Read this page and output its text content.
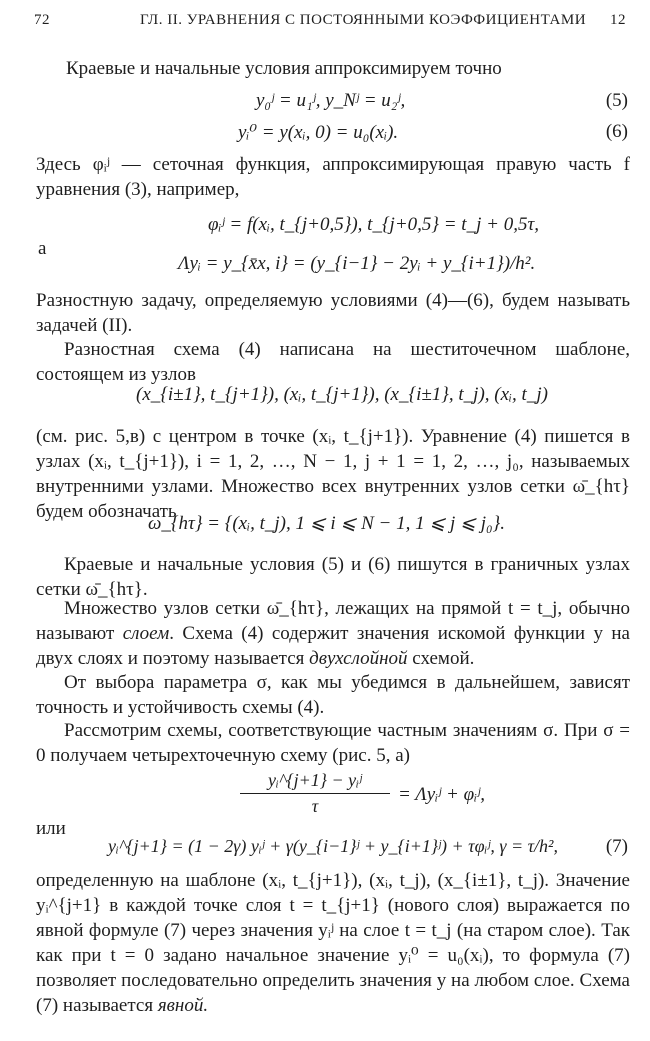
72	ГЛ. II. УРАВНЕНИЯ С ПОСТОЯННЫМИ КОЭФФИЦИЕНТАМИ 12

Краевые и начальные условия аппроксимируем точно

y₀ʲ = u₁ʲ, y_Nʲ = u₂ʲ,	(5)
yᵢ⁰ = y(xᵢ, 0) = u₀(xᵢ).	(6)

Здесь φᵢʲ — сеточная функция, аппроксимирующая правую часть f уравнения (3), например,

φᵢʲ = f(xᵢ, t_{j+0,5}), t_{j+0,5} = t_j + 0,5τ,
а
Λyᵢ = y_{x̄x, i} = (y_{i−1} − 2yᵢ + y_{i+1})/h².

Разностную задачу, определяемую условиями (4)—(6), будем называть задачей (II).

Разностная схема (4) написана на шеститочечном шаблоне, состоящем из узлов

(x_{i±1}, t_{j+1}), (xᵢ, t_{j+1}), (x_{i±1}, t_j), (xᵢ, t_j)

(см. рис. 5,в) с центром в точке (xᵢ, t_{j+1}). Уравнение (4) пишется в узлах (xᵢ, t_{j+1}), i = 1, 2, …, N − 1, j + 1 = 1, 2, …, j₀, называемых внутренними узлами. Множество всех внутренних узлов сетки ω̄_{hτ} будем обозначать

ω_{hτ} = {(xᵢ, t_j), 1 ⩽ i ⩽ N − 1, 1 ⩽ j ⩽ j₀}.

Краевые и начальные условия (5) и (6) пишутся в граничных узлах сетки ω̄_{hτ}.

Множество узлов сетки ω̄_{hτ}, лежащих на прямой t = t_j, обычно называют слоем. Схема (4) содержит значения искомой функции y на двух слоях и поэтому называется двухслойной схемой.

От выбора параметра σ, как мы убедимся в дальнейшем, зависят точность и устойчивость схемы (4).

Рассмотрим схемы, соответствующие частным значениям σ. При σ = 0 получаем четырехточечную схему (рис. 5, а)

yᵢ^{j+1} − yᵢʲ
τ
= Λyᵢʲ + φᵢʲ,
или
yᵢ^{j+1} = (1 − 2γ) yᵢʲ + γ(y_{i−1}ʲ + y_{i+1}ʲ) + τφᵢʲ, γ = τ/h²,	(7)

определенную на шаблоне (xᵢ, t_{j+1}), (xᵢ, t_j), (x_{i±1}, t_j). Значение yᵢ^{j+1} в каждой точке слоя t = t_{j+1} (нового слоя) выражается по явной формуле (7) через значения yᵢʲ на слое t = t_j (на старом слое). Так как при t = 0 задано начальное значение yᵢ⁰ = u₀(xᵢ), то формула (7) позволяет последовательно определить значения y на любом слое. Схема (7) называется явной.
